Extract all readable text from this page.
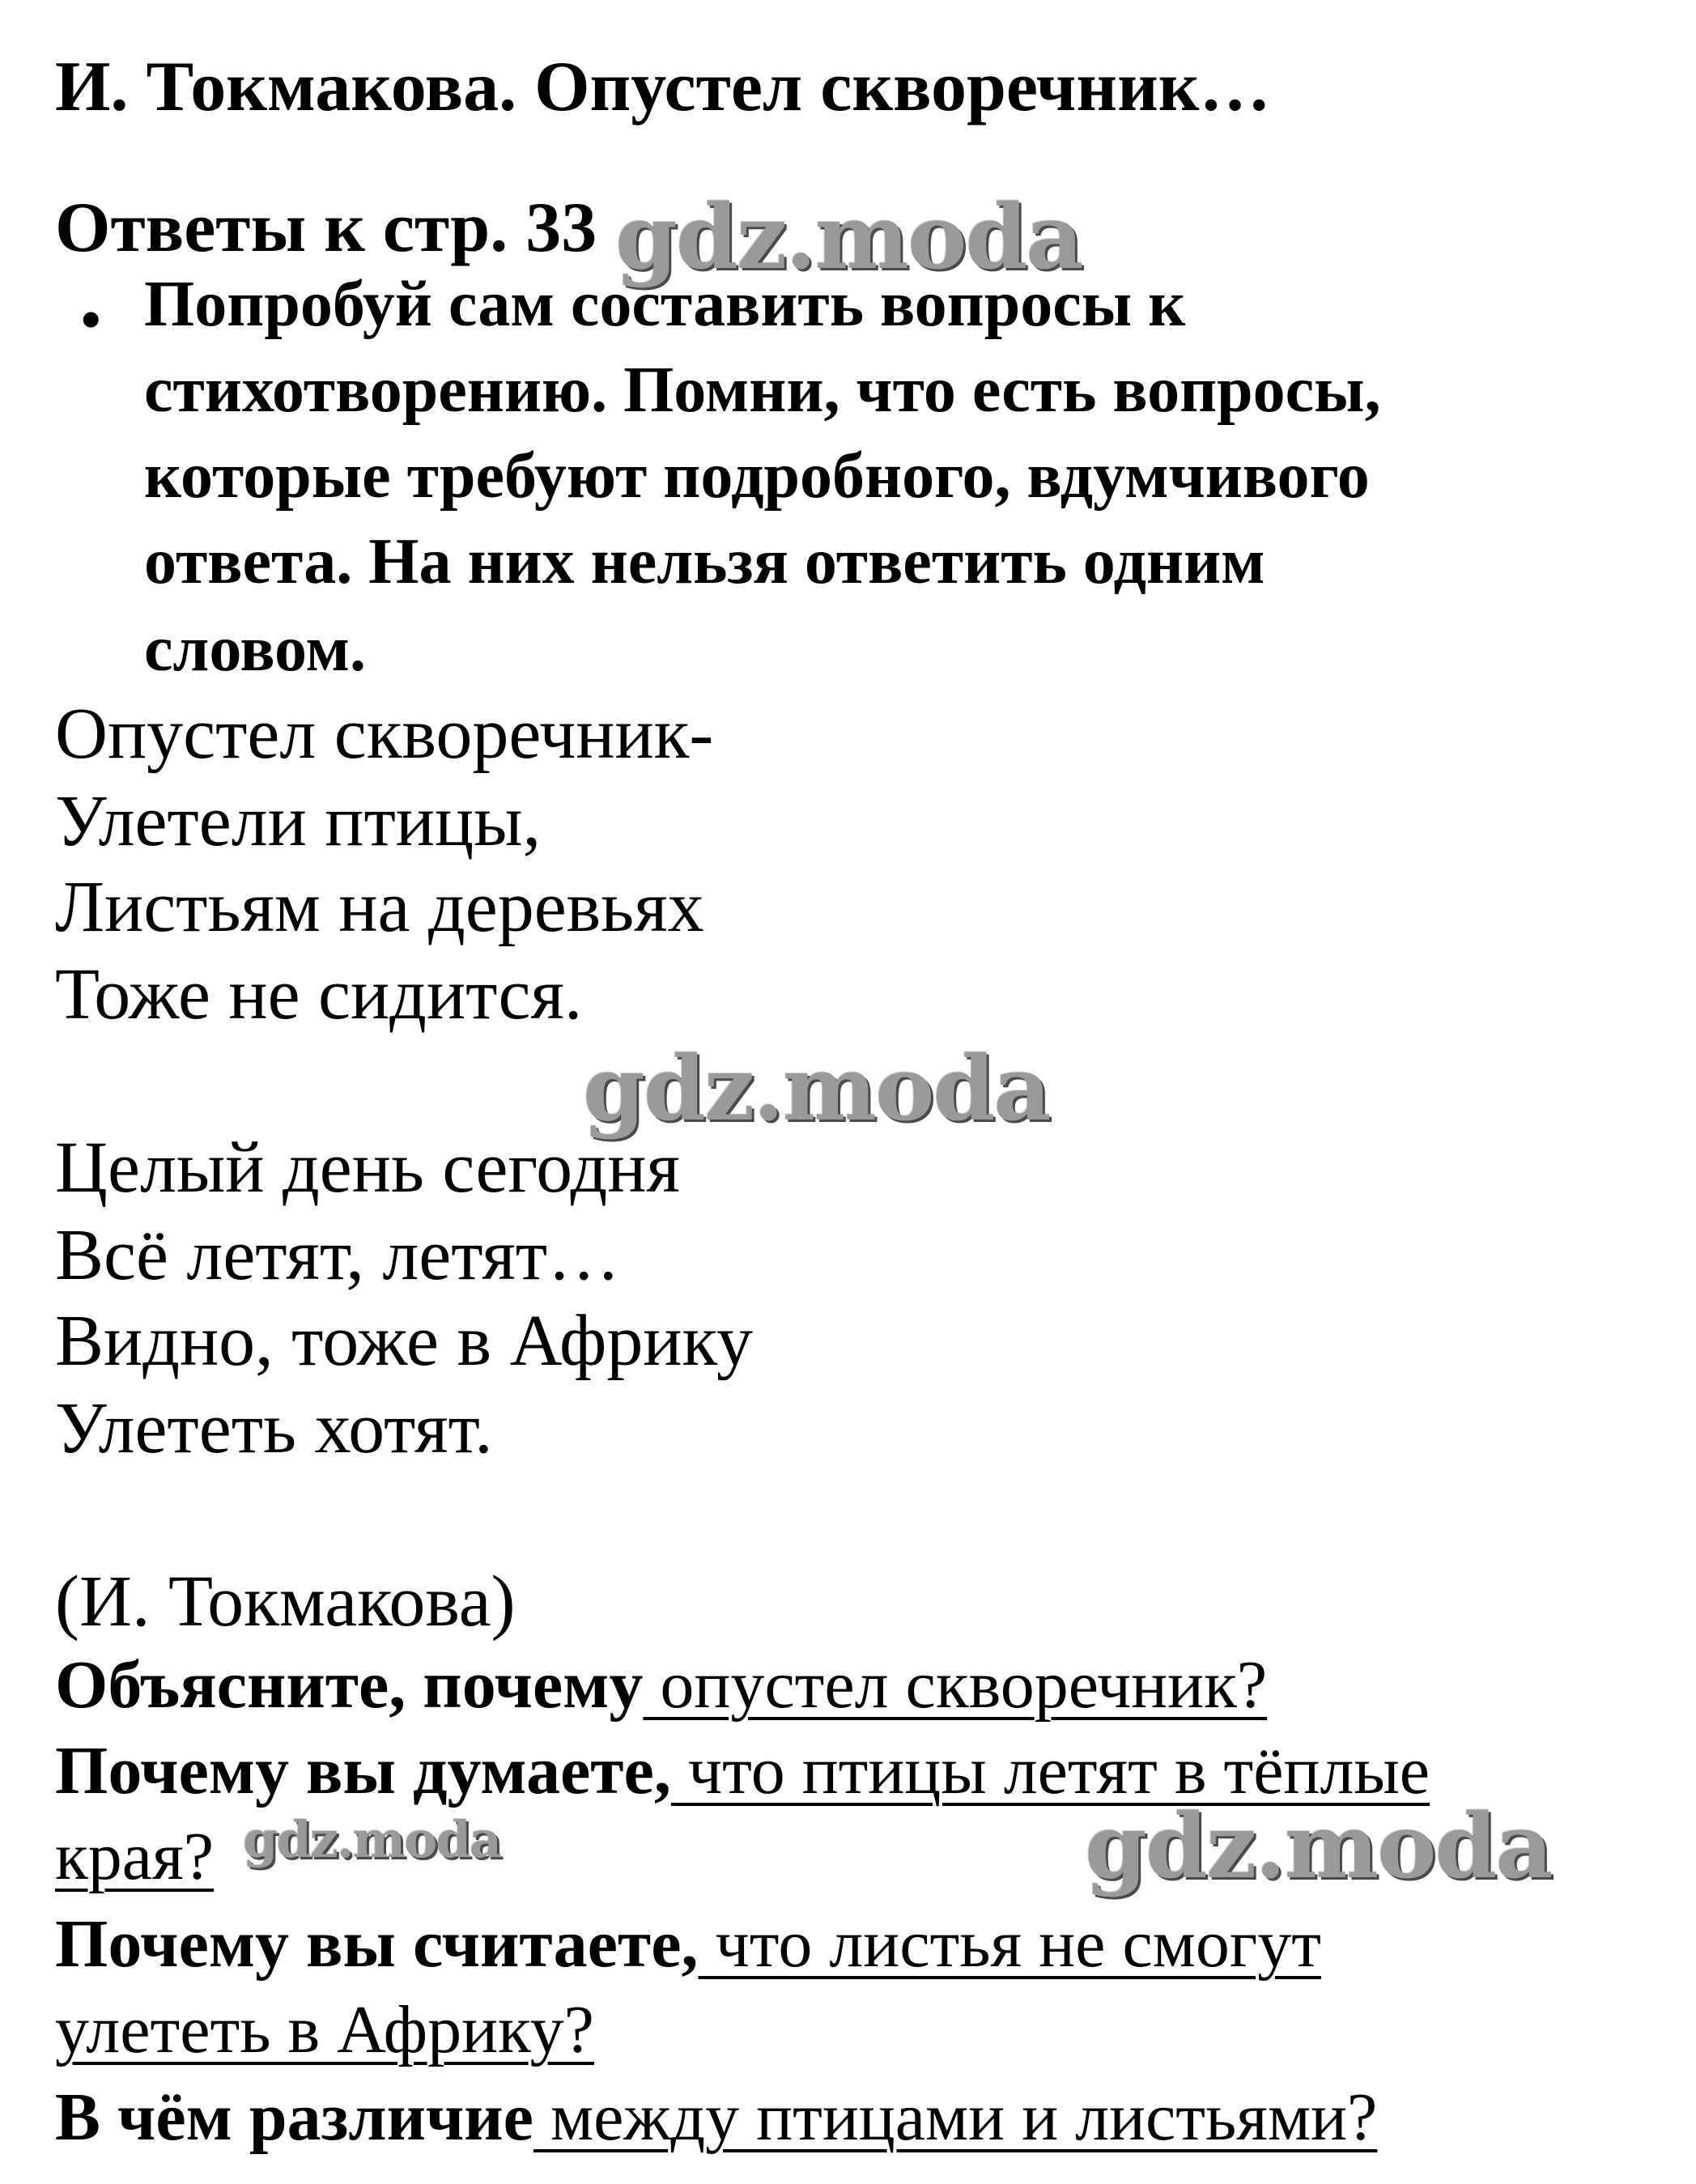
И. Токмакова. Опустел скворечник…
Ответы к стр. 33
• Попробуй сам составить вопросы к
стихотворению. Помни, что есть вопросы,
которые требуют подробного, вдумчивого
ответа. На них нельзя ответить одним
словом.
Опустел скворечник-
Улетели птицы,
Листьям на деревьях
Тоже не сидится.
Целый день сегодня
Всё летят, летят…
Видно, тоже в Африку
Улететь хотят.
(И. Токмакова)
Объясните, почему опустел скворечник?
Почему вы думаете, что птицы летят в тёплые
края?
Почему вы считаете, что листья не смогут
улететь в Африку?
В чём различие между птицами и листьями?
gdz.moda
gdz.moda
gdz.moda	gdz.moda
